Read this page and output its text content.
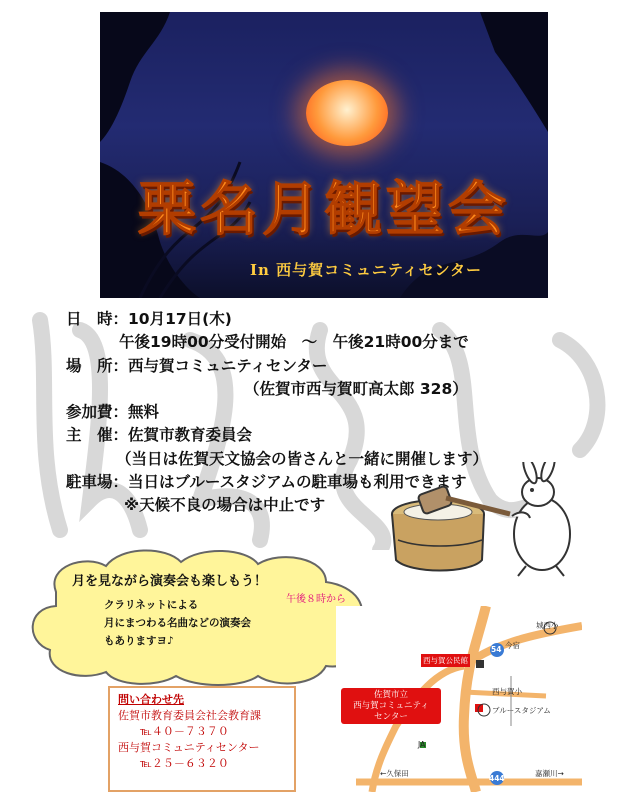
栗名月観望会
In 西与賀コミュニティセンター
日　時：10月17日(木)
午後19時00分受付開始　～　午後21時00分まで
場　所：西与賀コミュニティセンター
（佐賀市西与賀町高太郎 328）
参加費：無料
主　催：佐賀市教育委員会
（当日は佐賀天文協会の皆さんと一緒に開催します）
駐車場：当日はブルースタジアムの駐車場も利用できます
※天候不良の場合は中止です
月を見ながら演奏会も楽しもう！
午後８時から
クラリネットによる
月にまつわる名曲などの演奏会
もありますヨ♪
問い合わせ先
佐賀市教育委員会社会教育課
℡４０－７３７０
西与賀コミュニティセンター
℡２５－６３２０
54
444
西与賀公民館
佐賀市立
西与賀コミュニティ
センター
ブルースタジアム
西与賀小
JA
←久保田	嘉瀬川→
今宿
城西小
